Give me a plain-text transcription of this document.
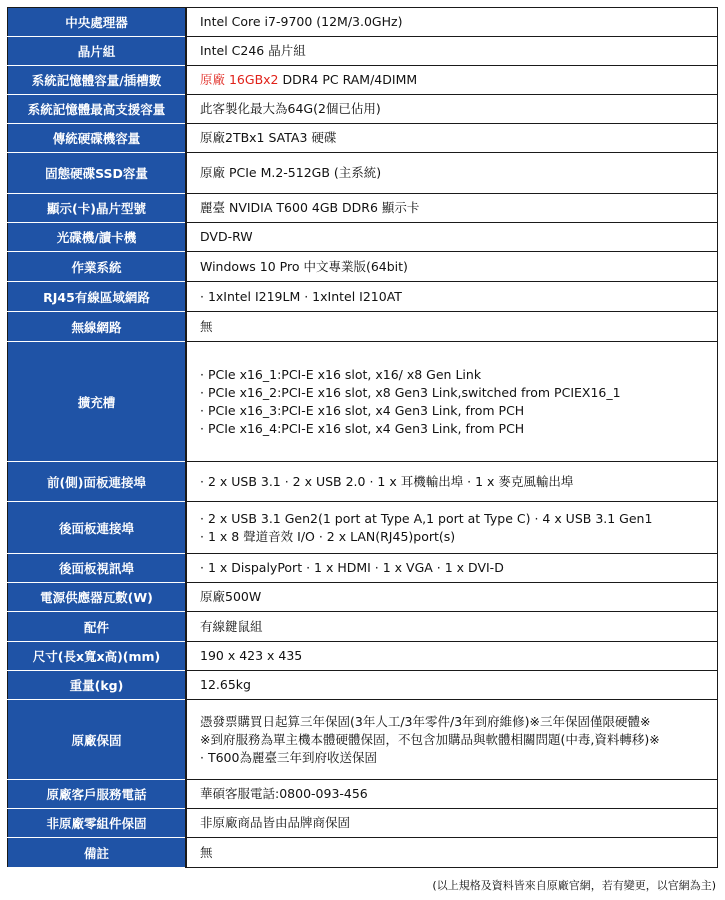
中央處理器	Intel Core i7-9700 (12M/3.0GHz)
晶片組	Intel C246 晶片組
系統記憶體容量/插槽數	原廠 16GBx2 DDR4 PC RAM/4DIMM
系統記憶體最高支援容量	此客製化最大為64G(2個已佔用)
傳統硬碟機容量	原廠2TBx1 SATA3 硬碟
固態硬碟SSD容量	原廠 PCIe M.2-512GB (主系統)
顯示(卡)晶片型號	麗臺 NVIDIA T600 4GB DDR6 顯示卡
光碟機/讀卡機	DVD-RW
作業系統	Windows 10 Pro 中文專業版(64bit)
RJ45有線區域網路	· 1xIntel I219LM · 1xIntel I210AT
無線網路	無
擴充槽	· PCIe x16_1:PCI-E x16 slot, x16/ x8 Gen Link
· PCIe x16_2:PCI-E x16 slot, x8 Gen3 Link,switched from PCIEX16_1
· PCIe x16_3:PCI-E x16 slot, x4 Gen3 Link, from PCH
· PCIe x16_4:PCI-E x16 slot, x4 Gen3 Link, from PCH

前(側)面板連接埠	· 2 x USB 3.1 · 2 x USB 2.0 · 1 x 耳機輸出埠 · 1 x 麥克風輸出埠
後面板連接埠	· 2 x USB 3.1 Gen2(1 port at Type A,1 port at Type C) · 4 x USB 3.1 Gen1
· 1 x 8 聲道音效 I/O · 2 x LAN(RJ45)port(s)

後面板視訊埠	· 1 x DispalyPort · 1 x HDMI · 1 x VGA · 1 x DVI-D
電源供應器瓦數(W)	原廠500W
配件	有線鍵鼠組
尺寸(長x寬x高)(mm)	190 x 423 x 435
重量(kg)	12.65kg
原廠保固	憑發票購買日起算三年保固(3年人工/3年零件/3年到府維修)※三年保固僅限硬體※
※到府服務為單主機本體硬體保固，不包含加購品與軟體相關問題(中毒,資料轉移)※
· T600為麗臺三年到府收送保固

原廠客戶服務電話	華碩客服電話:0800-093-456
非原廠零組件保固	非原廠商品皆由品牌商保固
備註	無
(以上規格及資料皆來自原廠官網，若有變更，以官網為主)
